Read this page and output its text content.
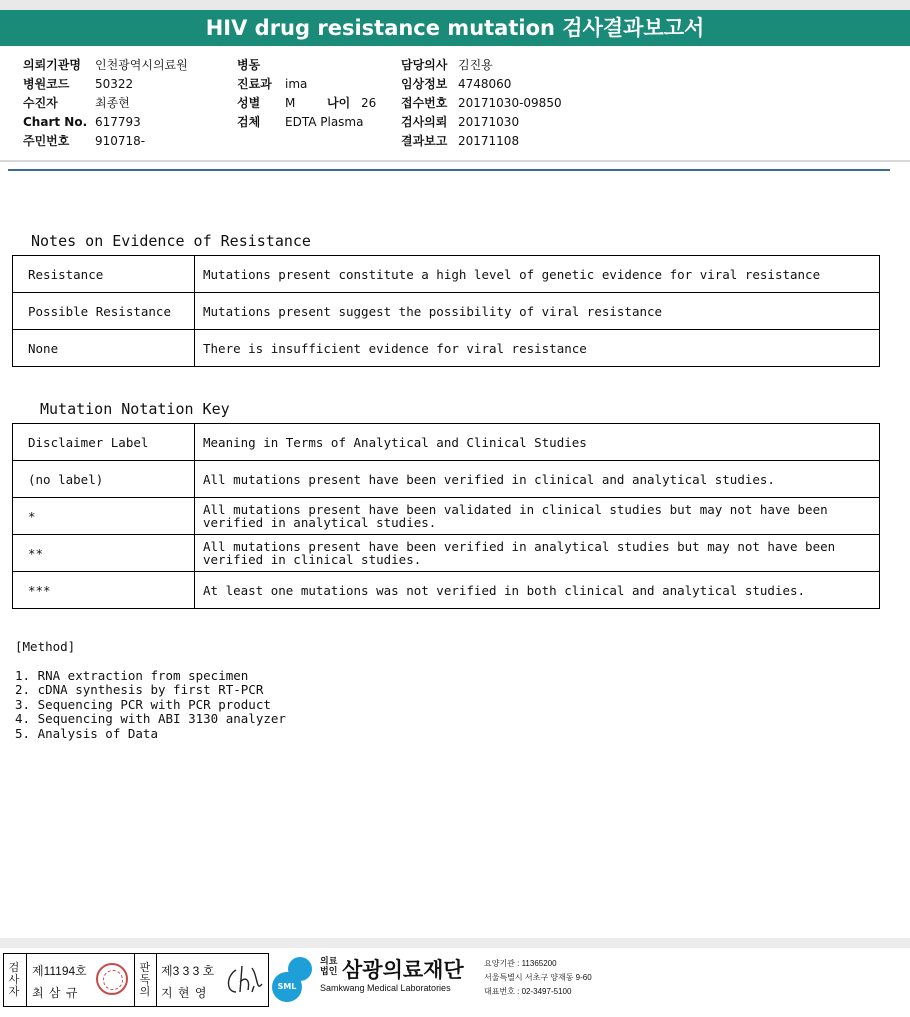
HIV drug resistance mutation 검사결과보고서
의뢰기관명 인천광역시의료원
병원코드 50322
수진자	최종현
Chart No. 617793
주민번호 910718-
병동
진료과 ima
성별 M	나이 26
검체 EDTA Plasma
담당의사 김진용
임상정보 4748060
접수번호 20171030-09850
검사의뢰 20171030
결과보고 20171108
Notes on Evidence of Resistance
Resistance	Mutations present constitute a high level of genetic evidence for viral resistance
Possible Resistance	Mutations present suggest the possibility of viral resistance
None	There is insufficient evidence for viral resistance
Mutation Notation Key
Disclaimer Label	Meaning in Terms of Analytical and Clinical Studies
(no label)	All mutations present have been verified in clinical and analytical studies.
*	All mutations present have been validated in clinical studies but may not have been verified in analytical studies.
**	All mutations present have been verified in analytical studies but may not have been verified in clinical studies.
***	At least one mutations was not verified in both clinical and analytical studies.
[Method]
1. RNA extraction from specimen
2. cDNA synthesis by first RT-PCR
3. Sequencing PCR with PCR product
4. Sequencing with ABI 3130 analyzer
5. Analysis of Data
검사자
제11194호
최 삼 규
판독의
제3 3 3 호
지 현 영	SML
의료법인 삼광의료재단
Samkwang Medical Laboratories
요양기관 : 11365200
서울특별시 서초구 양재동 9-60
대표번호 : 02-3497-5100
